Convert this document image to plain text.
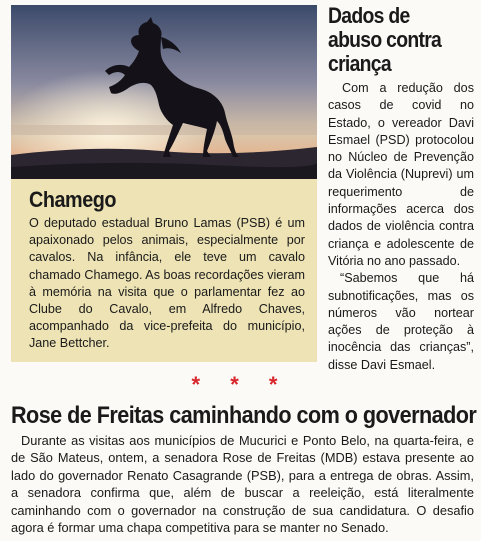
Chamego

O deputado estadual Bruno Lamas (PSB) é um apaixonado pelos animais, especialmente por cavalos. Na infância, ele teve um cavalo chamado Chamego. As boas recordações vieram à memória na visita que o parlamentar fez ao Clube do Cavalo, em Alfredo Chaves, acompanhado da vice-prefeita do município, Jane Bettcher.

Dados de abuso contra criança

Com a redução dos casos de covid no Estado, o vereador Davi Esmael (PSD) protocolou no Núcleo de Prevenção da Violência (Nuprevi) um requerimento de informações acerca dos dados de violência contra criança e adolescente de Vitória no ano passado.

“Sabemos que há subnotificações, mas os números vão nortear ações de proteção à inocência das crianças”, disse Davi Esmael.

* * *
Rose de Freitas caminhando com o governador

Durante as visitas aos municípios de Mucurici e Ponto Belo, na quarta-feira, e de São Mateus, ontem, a senadora Rose de Freitas (MDB) estava presente ao lado do governador Renato Casagrande (PSB), para a entrega de obras. Assim, a senadora confirma que, além de buscar a reeleição, está literalmente caminhando com o governador na construção de sua candidatura. O desafio agora é formar uma chapa competitiva para se manter no Senado.
